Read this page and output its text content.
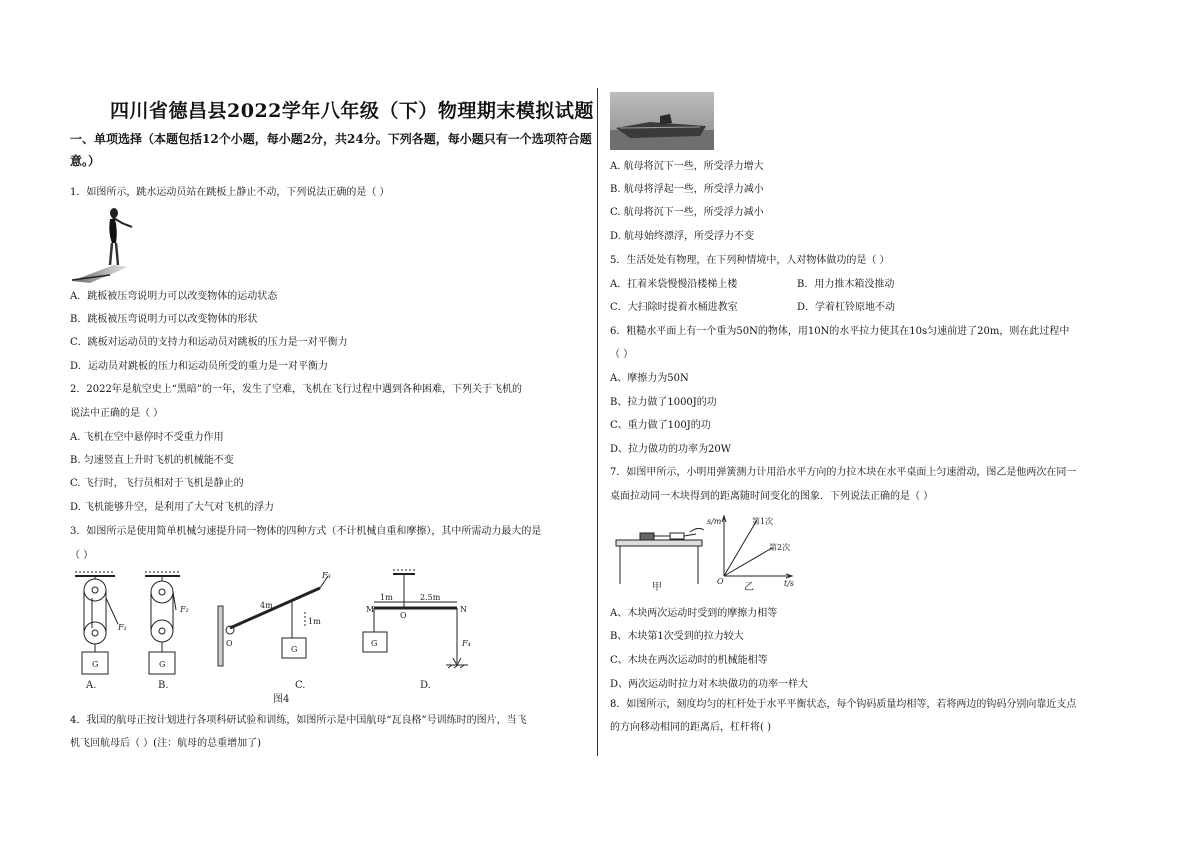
四川省德昌县2022学年八年级（下）物理期末模拟试题
一、单项选择（本题包括12个小题，每小题2分，共24分。下列各题，每小题只有一个选项符合题意。）
1．如图所示，跳水运动员站在跳板上静止不动，下列说法正确的是（ ）
A．跳板被压弯说明力可以改变物体的运动状态
B．跳板被压弯说明力可以改变物体的形状
C．跳板对运动员的支持力和运动员对跳板的压力是一对平衡力
D．运动员对跳板的压力和运动员所受的重力是一对平衡力
2．2022年是航空史上“黑暗”的一年，发生了空难，飞机在飞行过程中遇到各种困难，下列关于飞机的
说法中正确的是（ ）
A. 飞机在空中悬停时不受重力作用
B. 匀速竖直上升时飞机的机械能不变
C. 飞行时，飞行员相对于飞机是静止的
D. 飞机能够升空，是利用了大气对飞机的浮力
3．如图所示是使用简单机械匀速提升同一物体的四种方式（不计机械自重和摩擦），其中所需动力最大的是
（ ）
G	G
G
G
F₁
F₂
F₃
F₄
4m
1m
O
1m	2.5m
M
O
N
A.	B.	C.	D.
图4
4．我国的航母正按计划进行各项科研试验和训练，如图所示是中国航母“瓦良格”号训练时的图片，当飞
机飞回航母后（ ）(注：航母的总重增加了)
A. 航母将沉下一些，所受浮力增大
B. 航母将浮起一些，所受浮力减小
C. 航母将沉下一些，所受浮力减小
D. 航母始终漂浮，所受浮力不变
5．生活处处有物理，在下列种情境中，人对物体做功的是（ ）
A．扛着米袋慢慢沿楼梯上楼	B．用力推木箱没推动
C．大扫除时提着水桶进教室	D．学着杠铃原地不动
6．粗糙水平面上有一个重为50N的物体，用10N的水平拉力使其在10s匀速前进了20m，则在此过程中
（ ）
A、摩擦力为50N
B、拉力做了1000J的功
C、重力做了100J的功
D、拉力做功的功率为20W
7．如图甲所示，小明用弹簧测力计用沿水平方向的力拉木块在水平桌面上匀速滑动，图乙是他两次在同一
桌面拉动同一木块得到的距离随时间变化的图象．下列说法正确的是（ ）
s/m
t/s
O
第1次
第2次
甲	乙
A、木块两次运动时受到的摩擦力相等
B、木块第1次受到的拉力较大
C、木块在两次运动时的机械能相等
D、两次运动时拉力对木块做功的功率一样大
8．如图所示，刻度均匀的杠杆处于水平平衡状态，每个钩码质量均相等，若将两边的钩码分别向靠近支点
的方向移动相同的距离后，杠杆将( )
